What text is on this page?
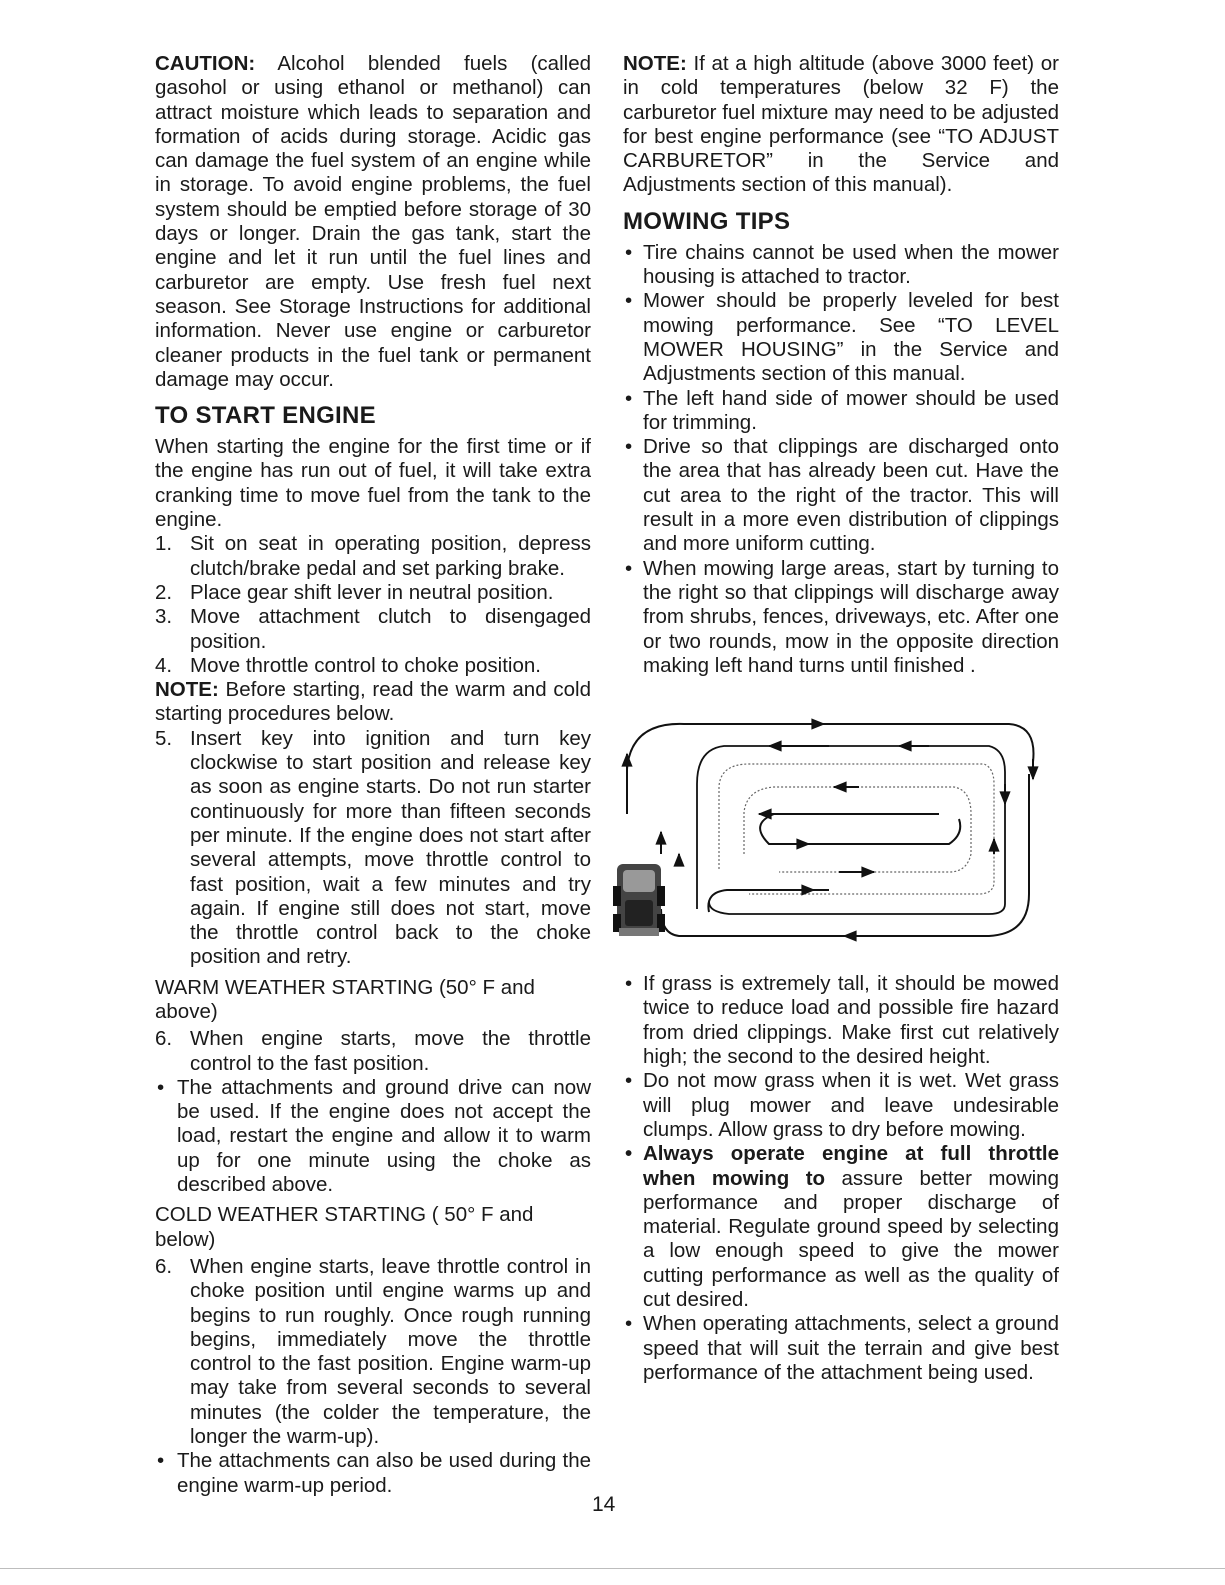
CAUTION: Alcohol blended fuels (called gasohol or using ethanol or methanol) can attract moisture which leads to separation and formation of acids during storage. Acidic gas can damage the fuel system of an engine while in storage. To avoid engine problems, the fuel system should be emptied before storage of 30 days or longer. Drain the gas tank, start the engine and let it run until the fuel lines and carburetor are empty. Use fresh fuel next season. See Storage Instructions for additional information. Never use engine or carburetor cleaner products in the fuel tank or permanent damage may occur.

TO START ENGINE

When starting the engine for the first time or if the engine has run out of fuel, it will take extra cranking time to move fuel from the tank to the engine.

1. Sit on seat in operating position, depress clutch/brake pedal and set parking brake.
2. Place gear shift lever in neutral position.
3. Move attachment clutch to disengaged position.
4. Move throttle control to choke position.

NOTE: Before starting, read the warm and cold starting procedures below.

5. Insert key into ignition and turn key clockwise to start position and release key as soon as engine starts. Do not run starter continuously for more than fifteen seconds per minute. If the engine does not start after several attempts, move throttle control to fast position, wait a few minutes and try again. If engine still does not start, move the throttle control back to the choke position and retry.

WARM WEATHER STARTING (50° F and above)

6. When engine starts, move the throttle control to the fast position.
• The attachments and ground drive can now be used. If the engine does not accept the load, restart the engine and allow it to warm up for one minute using the choke as described above.

COLD WEATHER STARTING ( 50° F and below)

6. When engine starts, leave throttle control in choke position until engine warms up and begins to run roughly. Once rough running begins, immediately move the throttle control to the fast position. Engine warm-up may take from several seconds to several minutes (the colder the temperature, the longer the warm-up).
• The attachments can also be used during the engine warm-up period.

NOTE: If at a high altitude (above 3000 feet) or in cold temperatures (below 32 F) the carburetor fuel mixture may need to be adjusted for best engine performance (see “TO ADJUST CARBURETOR” in the Service and Adjustments section of this manual).

MOWING TIPS
• Tire chains cannot be used when the mower housing is attached to tractor.
• Mower should be properly leveled for best mowing performance. See “TO LEVEL MOWER HOUSING” in the Service and Adjustments section of this manual.
• The left hand side of mower should be used for trimming.
• Drive so that clippings are discharged onto the area that has already been cut. Have the cut area to the right of the tractor. This will result in a more even distribution of clippings and more uniform cutting.
• When mowing large areas, start by turning to the right so that clippings will discharge away from shrubs, fences, driveways, etc. After one or two rounds, mow in the opposite direction making left hand turns until finished .
• If grass is extremely tall, it should be mowed twice to reduce load and possible fire hazard from dried clippings. Make first cut relatively high; the second to the desired height.
• Do not mow grass when it is wet. Wet grass will plug mower and leave undesirable clumps. Allow grass to dry before mowing.
• Always operate engine at full throttle when mowing to assure better mowing performance and proper discharge of material. Regulate ground speed by selecting a low enough speed to give the mower cutting performance as well as the quality of cut desired.
• When operating attachments, select a ground speed that will suit the terrain and give best performance of the attachment being used.
14
